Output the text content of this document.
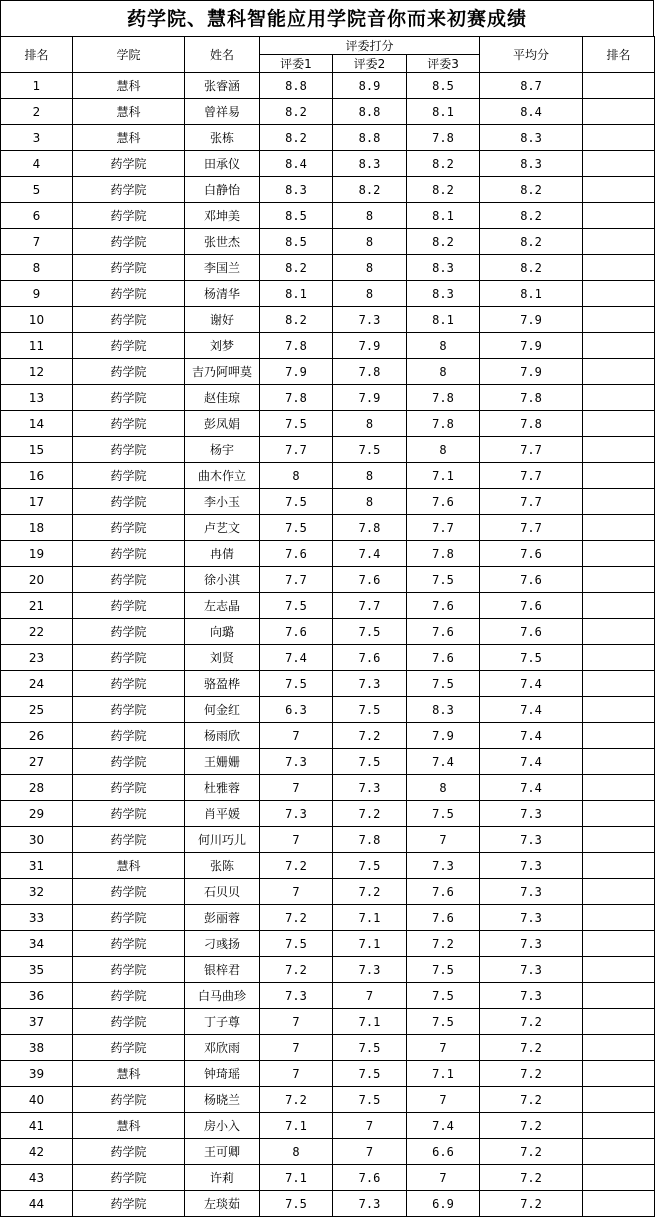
药学院、慧科智能应用学院音你而来初赛成绩
排名	学院	姓名	评委打分			平均分	排名
			评委1	评委2	评委3		
1	慧科	张睿涵	8.8	8.9	8.5	8.7	
2	慧科	曾祥易	8.2	8.8	8.1	8.4	
3	慧科	张栋	8.2	8.8	7.8	8.3	
4	药学院	田承仪	8.4	8.3	8.2	8.3	
5	药学院	白静怡	8.3	8.2	8.2	8.2	
6	药学院	邓坤美	8.5	8	8.1	8.2	
7	药学院	张世杰	8.5	8	8.2	8.2	
8	药学院	李国兰	8.2	8	8.3	8.2	
9	药学院	杨清华	8.1	8	8.3	8.1	
10	药学院	谢好	8.2	7.3	8.1	7.9	
11	药学院	刘梦	7.8	7.9	8	7.9	
12	药学院	吉乃阿呷莫	7.9	7.8	8	7.9	
13	药学院	赵佳琼	7.8	7.9	7.8	7.8	
14	药学院	彭凤娟	7.5	8	7.8	7.8	
15	药学院	杨宇	7.7	7.5	8	7.7	
16	药学院	曲木作立	8	8	7.1	7.7	
17	药学院	李小玉	7.5	8	7.6	7.7	
18	药学院	卢艺文	7.5	7.8	7.7	7.7	
19	药学院	冉倩	7.6	7.4	7.8	7.6	
20	药学院	徐小淇	7.7	7.6	7.5	7.6	
21	药学院	左志晶	7.5	7.7	7.6	7.6	
22	药学院	向璐	7.6	7.5	7.6	7.6	
23	药学院	刘贤	7.4	7.6	7.6	7.5	
24	药学院	骆盈桦	7.5	7.3	7.5	7.4	
25	药学院	何金红	6.3	7.5	8.3	7.4	
26	药学院	杨雨欣	7	7.2	7.9	7.4	
27	药学院	王姗姗	7.3	7.5	7.4	7.4	
28	药学院	杜雅蓉	7	7.3	8	7.4	
29	药学院	肖平媛	7.3	7.2	7.5	7.3	
30	药学院	何川巧儿	7	7.8	7	7.3	
31	慧科	张陈	7.2	7.5	7.3	7.3	
32	药学院	石贝贝	7	7.2	7.6	7.3	
33	药学院	彭丽蓉	7.2	7.1	7.6	7.3	
34	药学院	刁彧扬	7.5	7.1	7.2	7.3	
35	药学院	银梓君	7.2	7.3	7.5	7.3	
36	药学院	白马曲珍	7.3	7	7.5	7.3	
37	药学院	丁子尊	7	7.1	7.5	7.2	
38	药学院	邓欣雨	7	7.5	7	7.2	
39	慧科	钟琦瑶	7	7.5	7.1	7.2	
40	药学院	杨晓兰	7.2	7.5	7	7.2	
41	慧科	房小入	7.1	7	7.4	7.2	
42	药学院	王可卿	8	7	6.6	7.2	
43	药学院	许莉	7.1	7.6	7	7.2	
44	药学院	左琰茹	7.5	7.3	6.9	7.2	
